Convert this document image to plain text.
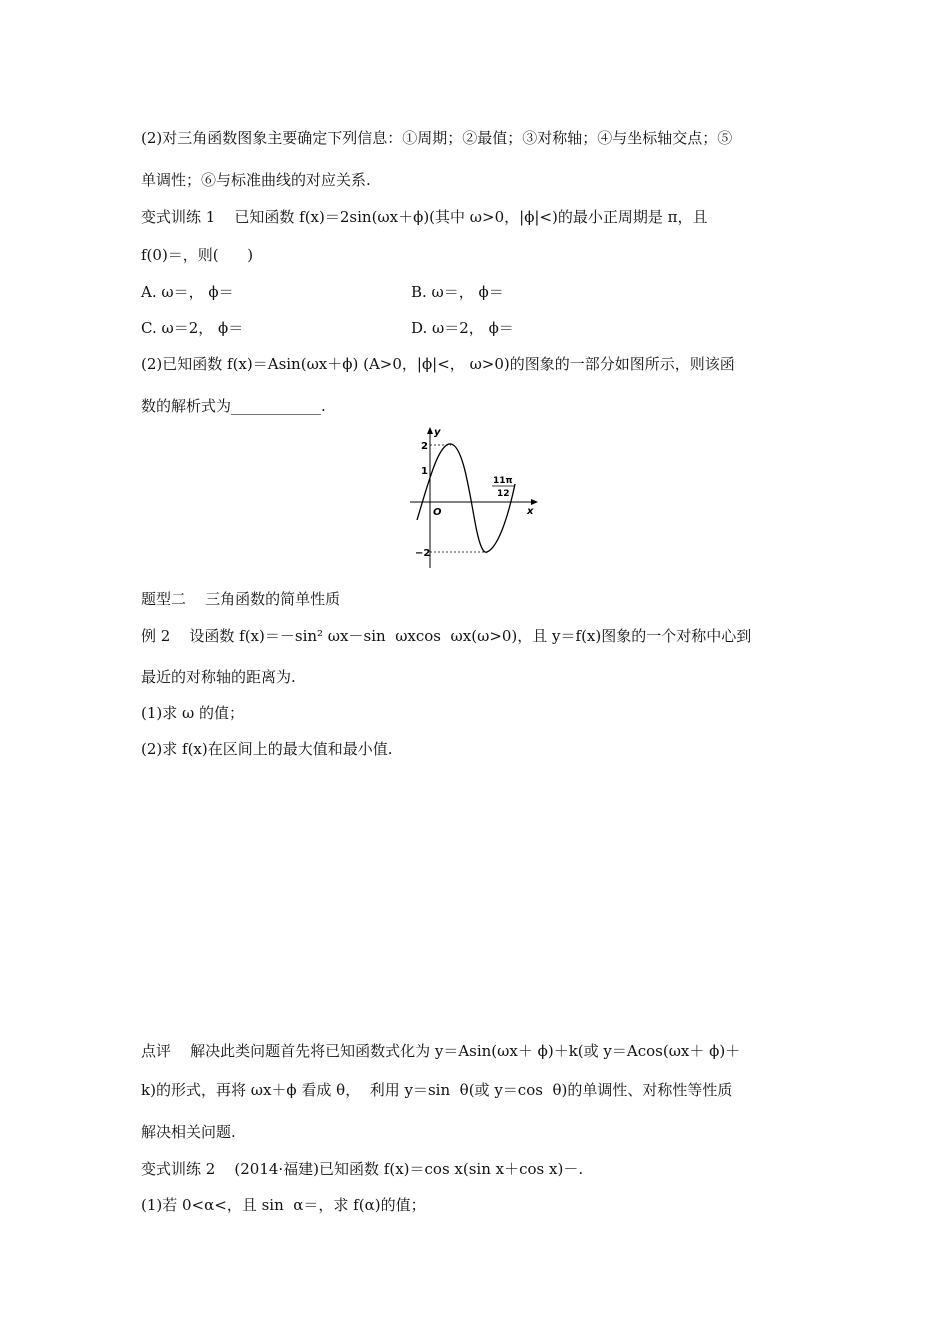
(2)对三角函数图象主要确定下列信息：①周期；②最值；③对称轴；④与坐标轴交点；⑤
单调性；⑥与标准曲线的对应关系.
变式训练 1    已知函数 f(x)＝2sin(ωx＋ϕ)(其中 ω>0，|ϕ|<)的最小正周期是 π，且
f(0)＝，则(      )
A. ω＝， ϕ＝	B. ω＝， ϕ＝
C. ω＝2， ϕ＝	D. ω＝2， ϕ＝
(2)已知函数 f(x)＝Asin(ωx＋ϕ) (A>0，|ϕ|<， ω>0)的图象的一部分如图所示，则该函
数的解析式为____________.
y
x
O
2
1
−2
11π
12
题型二    三角函数的简单性质
例 2    设函数 f(x)＝－sin² ωx－sin  ωxcos  ωx(ω>0)，且 y＝f(x)图象的一个对称中心到
最近的对称轴的距离为.
(1)求 ω 的值；
(2)求 f(x)在区间上的最大值和最小值.
点评    解决此类问题首先将已知函数式化为 y＝Asin(ωx＋ ϕ)＋k(或 y＝Acos(ωx＋ ϕ)＋
k)的形式，再将 ωx＋ϕ 看成 θ，  利用 y＝sin  θ(或 y＝cos  θ)的单调性、对称性等性质
解决相关问题.
变式训练 2    (2014·福建)已知函数 f(x)＝cos x(sin x＋cos x)－.
(1)若 0<α<，且 sin  α＝，求 f(α)的值；
